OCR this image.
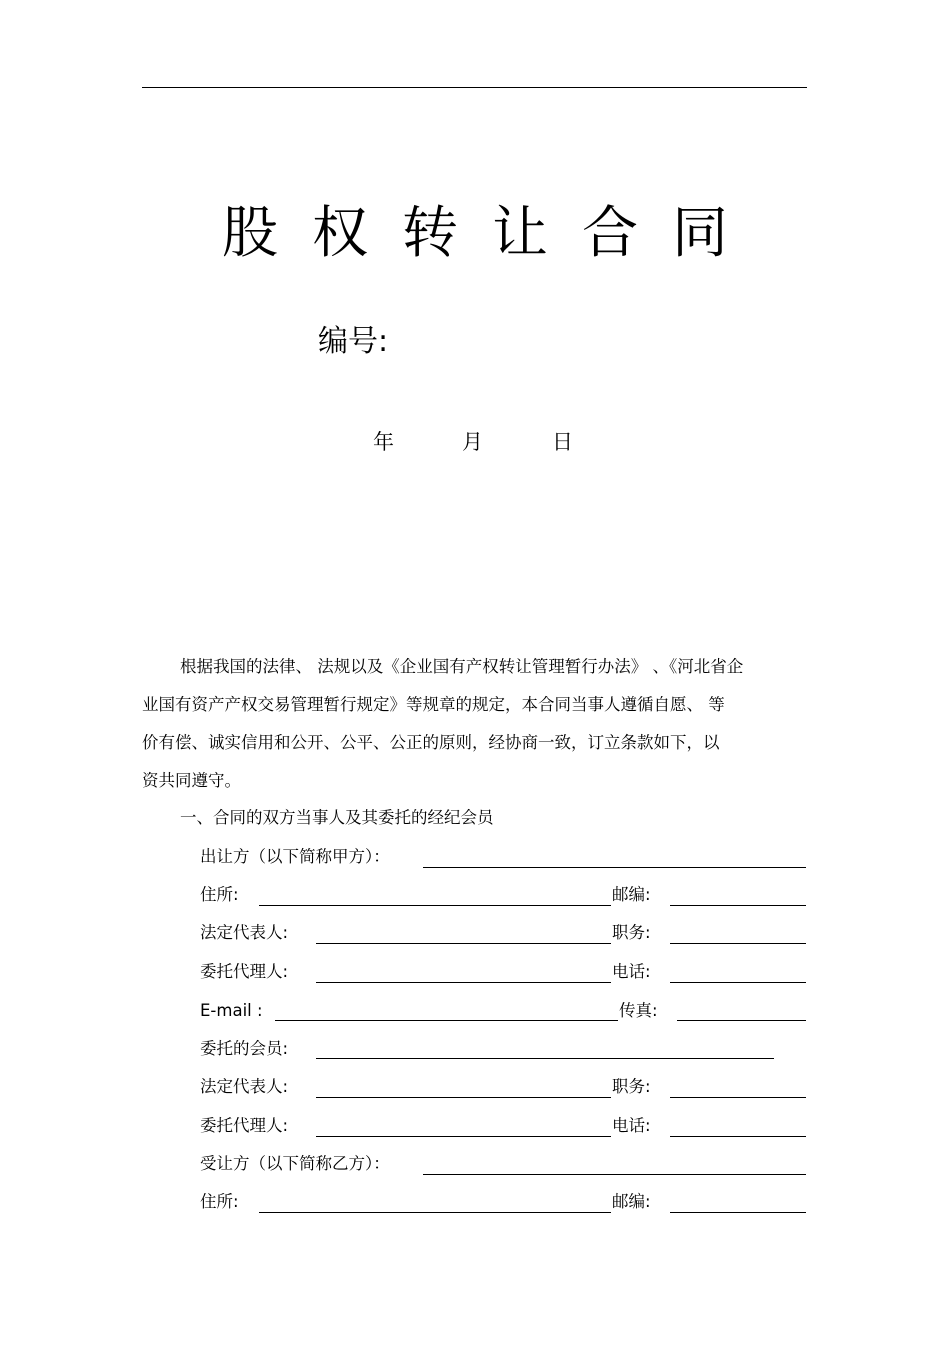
股权转让合同
编号:
年	月	日
根据我国的法律、 法规以及《企业国有产权转让管理暂行办法》 、《河北省企
业国有资产产权交易管理暂行规定》等规章的规定，本合同当事人遵循自愿、 等
价有偿、诚实信用和公开、公平、公正的原则，经协商一致，订立条款如下，以
资共同遵守。
一、合同的双方当事人及其委托的经纪会员
出让方（以下简称甲方）：
住所:	邮编:
法定代表人:	职务:
委托代理人:	电话:
E-mail :	传真:
委托的会员:
法定代表人:	职务:
委托代理人:	电话:
受让方（以下简称乙方）：
住所:	邮编:
